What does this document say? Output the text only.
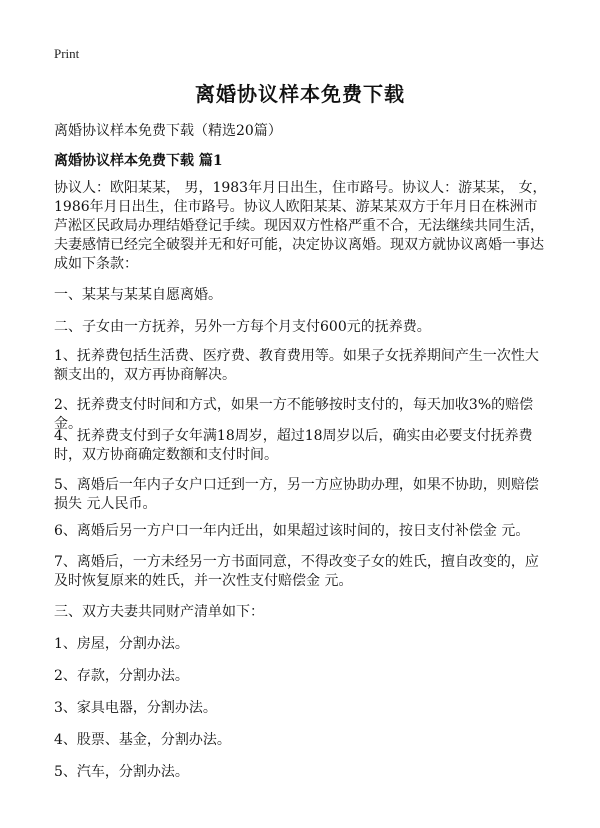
Print
离婚协议样本免费下载
离婚协议样本免费下载（精选20篇）
离婚协议样本免费下载 篇1

协议人：欧阳某某， 男，1983年月日出生，住市路号。协议人：游某某， 女，1986年月日出生，住市路号。协议人欧阳某某、游某某双方于年月日在株洲市芦淞区民政局办理结婚登记手续。现因双方性格严重不合，无法继续共同生活，夫妻感情已经完全破裂并无和好可能，决定协议离婚。现双方就协议离婚一事达成如下条款：

一、某某与某某自愿离婚。

二、子女由一方抚养，另外一方每个月支付600元的抚养费。

1、抚养费包括生活费、医疗费、教育费用等。如果子女抚养期间产生一次性大额支出的，双方再协商解决。

2、抚养费支付时间和方式，如果一方不能够按时支付的，每天加收3%的赔偿金。

4、抚养费支付到子女年满18周岁，超过18周岁以后，确实由必要支付抚养费时，双方协商确定数额和支付时间。

5、离婚后一年内子女户口迁到一方，另一方应协助办理，如果不协助，则赔偿损失 元人民币。

6、离婚后另一方户口一年内迁出，如果超过该时间的，按日支付补偿金 元。

7、离婚后，一方未经另一方书面同意，不得改变子女的姓氏，擅自改变的，应及时恢复原来的姓氏，并一次性支付赔偿金 元。

三、双方夫妻共同财产清单如下：

1、房屋，分割办法。

2、存款，分割办法。

3、家具电器，分割办法。

4、股票、基金，分割办法。

5、汽车，分割办法。
